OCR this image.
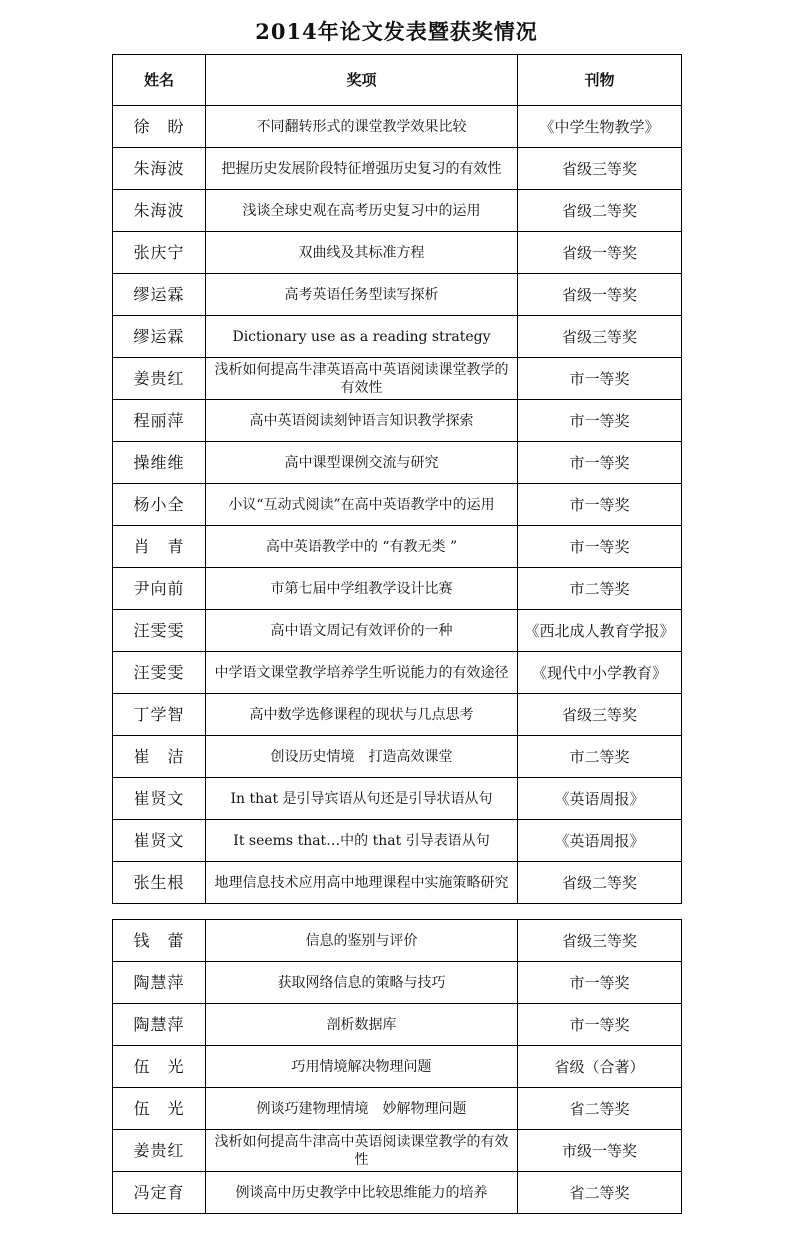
2014年论文发表暨获奖情况
姓名	奖项	刊物
徐　盼	不同翻转形式的课堂教学效果比较	《中学生物教学》
朱海波	把握历史发展阶段特征增强历史复习的有效性	省级三等奖
朱海波	浅谈全球史观在高考历史复习中的运用	省级二等奖
张庆宁	双曲线及其标准方程	省级一等奖
缪运霖	高考英语任务型读写探析	省级一等奖
缪运霖	Dictionary use as a reading strategy	省级三等奖
姜贵红	浅析如何提高牛津英语高中英语阅读课堂教学的有效性	市一等奖
程丽萍	高中英语阅读刻钟语言知识教学探索	市一等奖
操维维	高中课型课例交流与研究	市一等奖
杨小全	小议“互动式阅读”在高中英语教学中的运用	市一等奖
肖　青	高中英语教学中的 “有教无类 ”	市一等奖
尹向前	市第七届中学组教学设计比赛	市二等奖
汪雯雯	高中语文周记有效评价的一种	《西北成人教育学报》
汪雯雯	中学语文课堂教学培养学生听说能力的有效途径	《现代中小学教育》
丁学智	高中数学选修课程的现状与几点思考	省级三等奖
崔　洁	创设历史情境　打造高效课堂	市二等奖
崔贤文	In that 是引导宾语从句还是引导状语从句	《英语周报》
崔贤文	It seems that…中的 that 引导表语从句	《英语周报》
张生根	地理信息技术应用高中地理课程中实施策略研究	省级二等奖
钱　蕾	信息的鉴别与评价	省级三等奖
陶慧萍	获取网络信息的策略与技巧	市一等奖
陶慧萍	剖析数据库	市一等奖
伍　光	巧用情境解决物理问题	省级（合著）
伍　光	例谈巧建物理情境　妙解物理问题	省二等奖
姜贵红	浅析如何提高牛津高中英语阅读课堂教学的有效性	市级一等奖
冯定育	例谈高中历史教学中比较思维能力的培养	省二等奖
